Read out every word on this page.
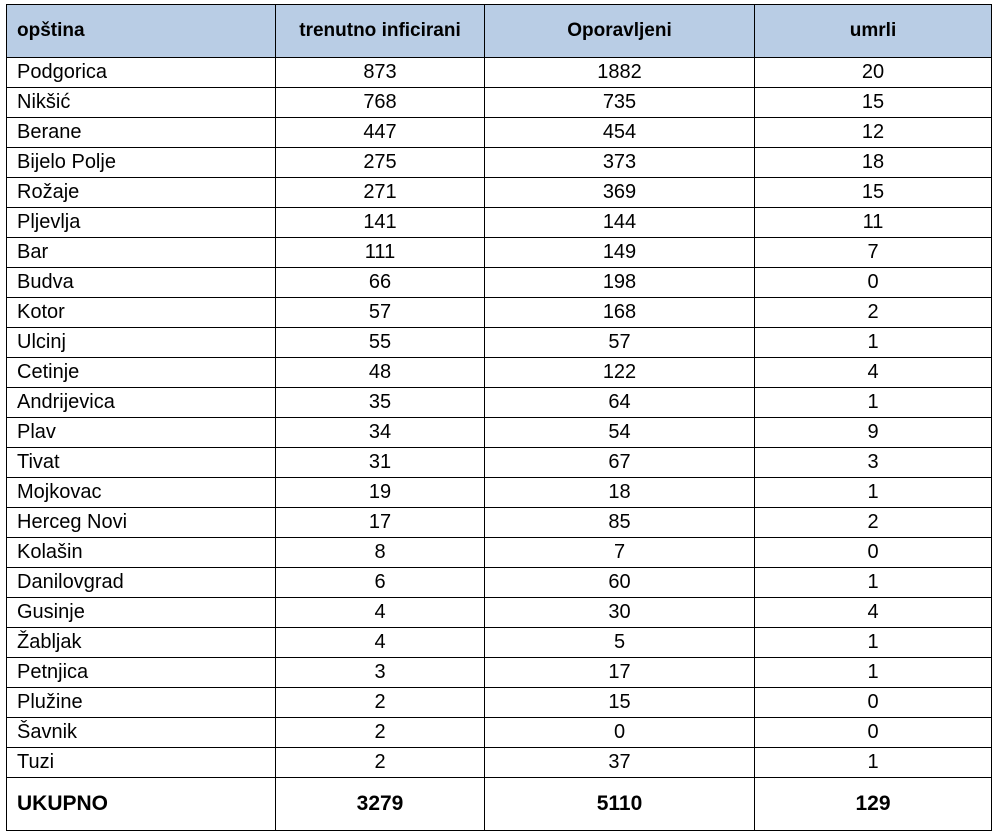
opština	trenutno inficirani	Oporavljeni	umrli
Podgorica	873	1882	20
Nikšić	768	735	15
Berane	447	454	12
Bijelo Polje	275	373	18
Rožaje	271	369	15
Pljevlja	141	144	11
Bar	111	149	7
Budva	66	198	0
Kotor	57	168	2
Ulcinj	55	57	1
Cetinje	48	122	4
Andrijevica	35	64	1
Plav	34	54	9
Tivat	31	67	3
Mojkovac	19	18	1
Herceg Novi	17	85	2
Kolašin	8	7	0
Danilovgrad	6	60	1
Gusinje	4	30	4
Žabljak	4	5	1
Petnjica	3	17	1
Plužine	2	15	0
Šavnik	2	0	0
Tuzi	2	37	1
UKUPNO	3279	5110	129
